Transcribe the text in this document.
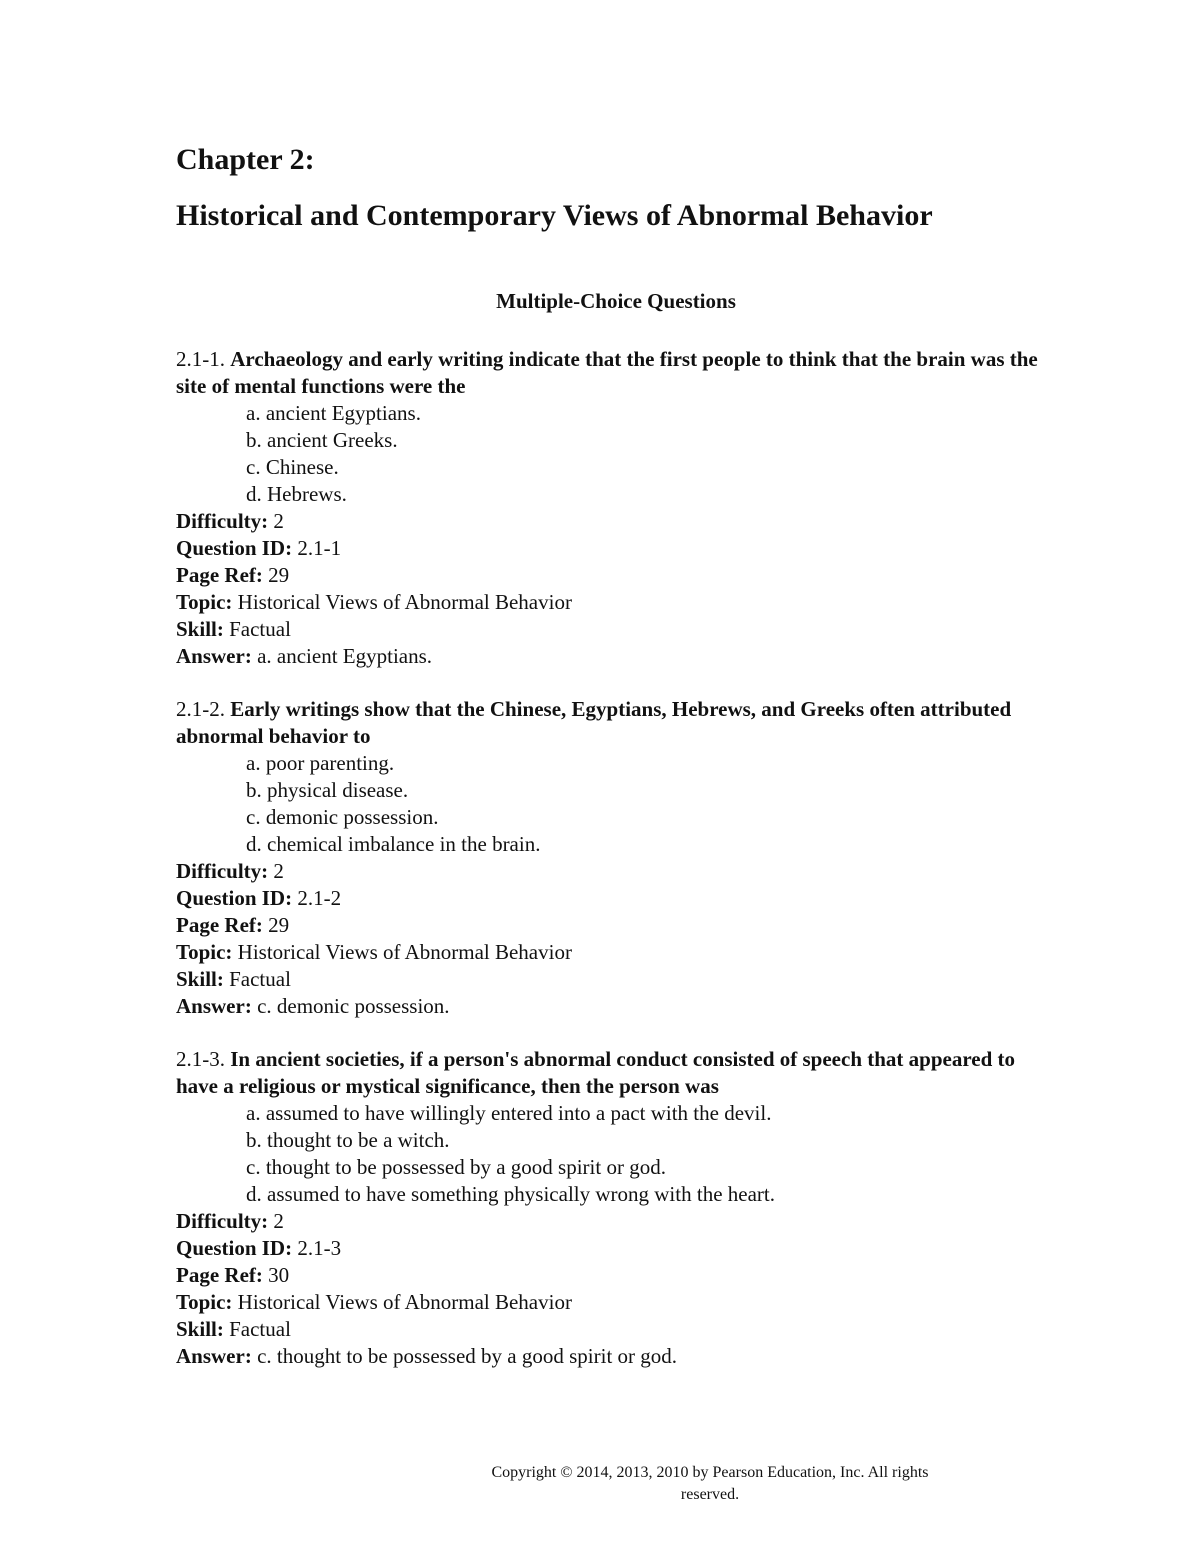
Chapter 2:
Historical and Contemporary Views of Abnormal Behavior
Multiple-Choice Questions

2.1-1. Archaeology and early writing indicate that the first people to think that the brain was the site of mental functions were the

a. ancient Egyptians.
b. ancient Greeks.
c. Chinese.
d. Hebrews.

Difficulty: 2

Question ID: 2.1-1

Page Ref: 29

Topic: Historical Views of Abnormal Behavior

Skill: Factual

Answer: a. ancient Egyptians.

2.1-2. Early writings show that the Chinese, Egyptians, Hebrews, and Greeks often attributed abnormal behavior to

a. poor parenting.
b. physical disease.
c. demonic possession.
d. chemical imbalance in the brain.

Difficulty: 2

Question ID: 2.1-2

Page Ref: 29

Topic: Historical Views of Abnormal Behavior

Skill: Factual

Answer: c. demonic possession.

2.1-3. In ancient societies, if a person's abnormal conduct consisted of speech that appeared to have a religious or mystical significance, then the person was

a. assumed to have willingly entered into a pact with the devil.
b. thought to be a witch.
c. thought to be possessed by a good spirit or god.
d. assumed to have something physically wrong with the heart.

Difficulty: 2

Question ID: 2.1-3

Page Ref: 30

Topic: Historical Views of Abnormal Behavior

Skill: Factual

Answer: c. thought to be possessed by a good spirit or god.

Copyright © 2014, 2013, 2010 by Pearson Education, Inc. All rights
reserved.
